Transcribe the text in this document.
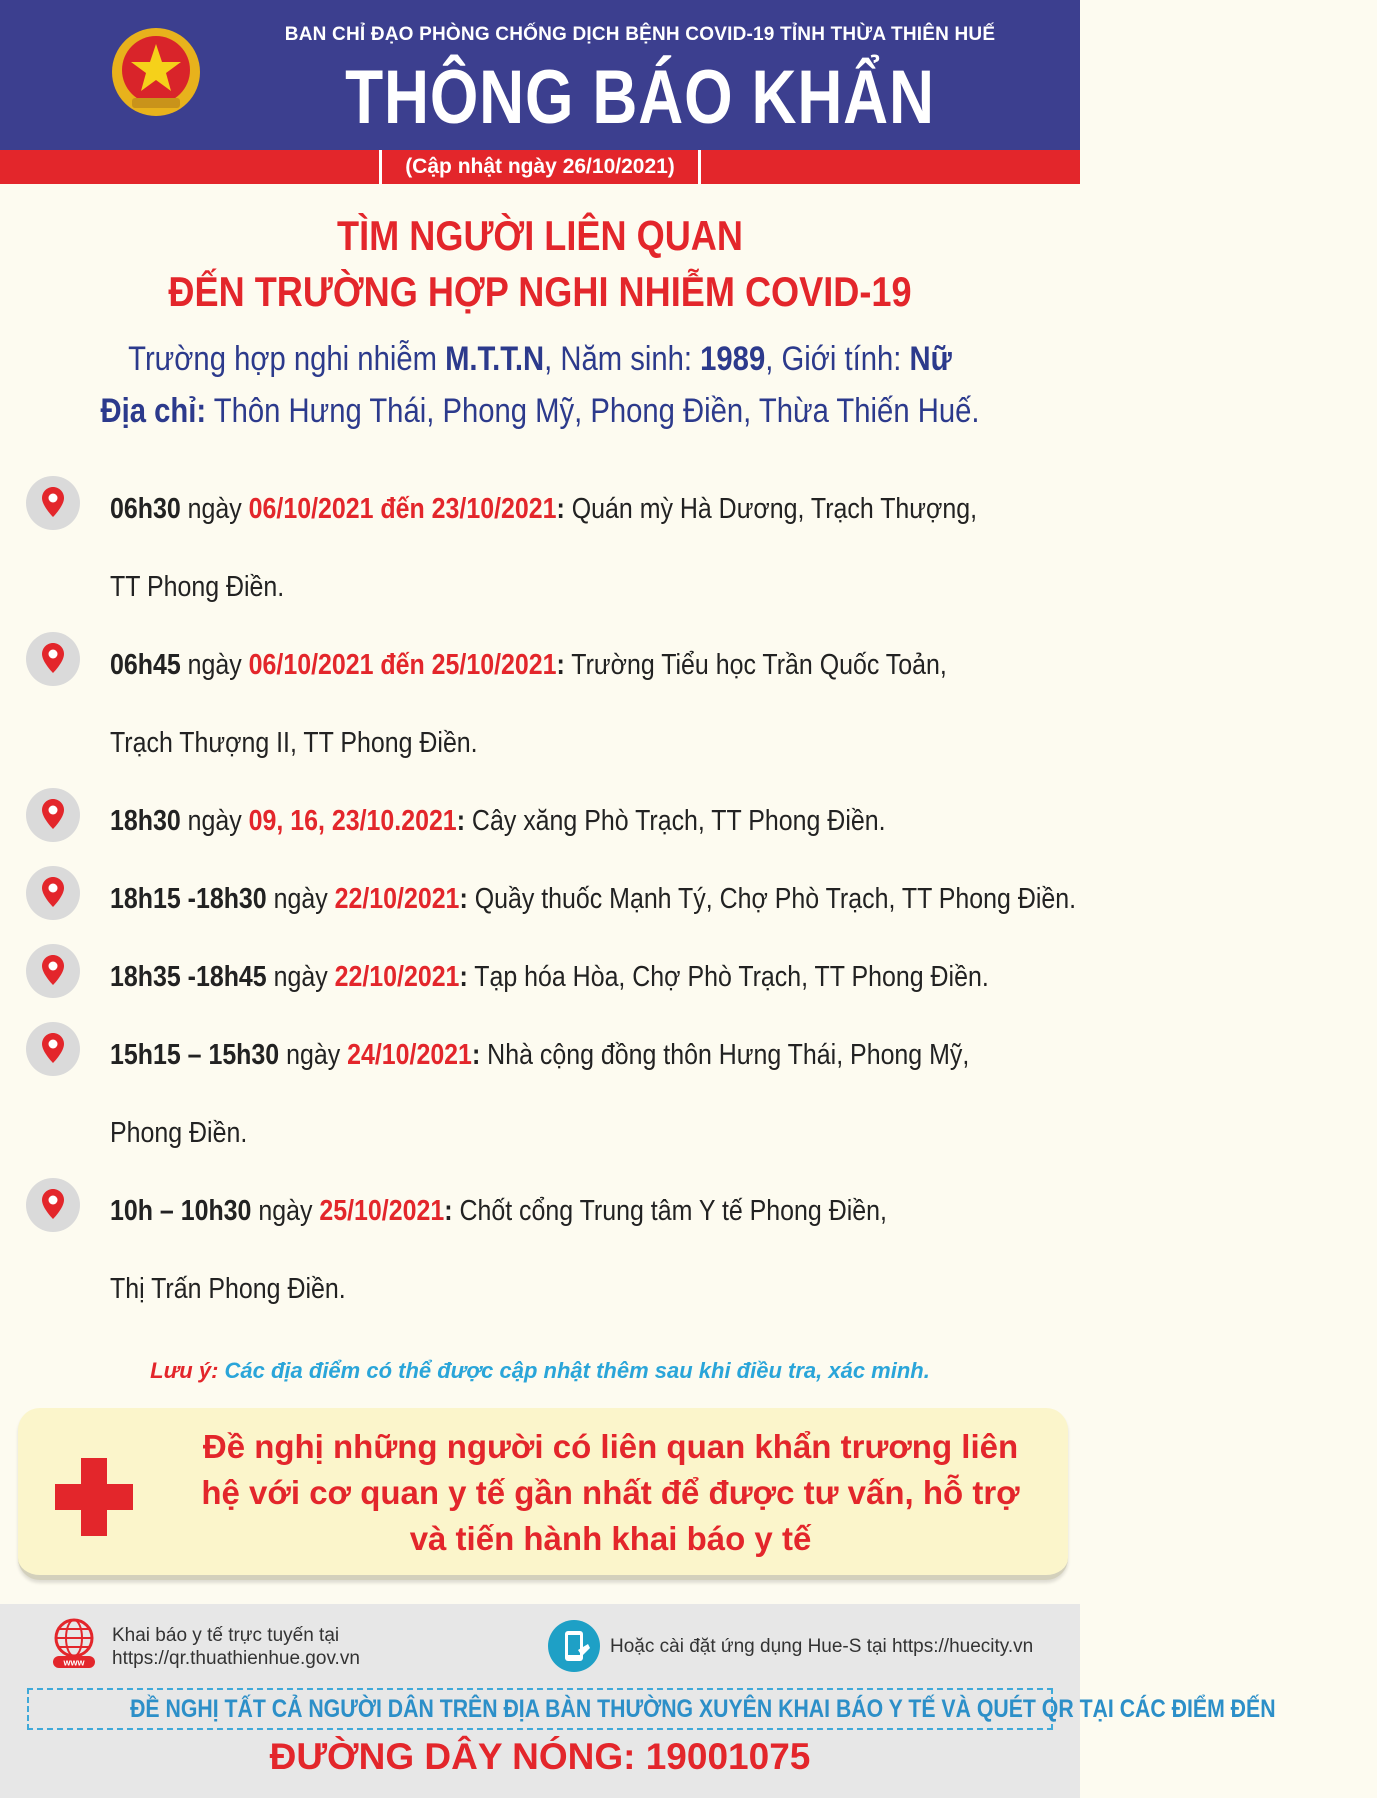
BAN CHỈ ĐẠO PHÒNG CHỐNG DỊCH BỆNH COVID-19 TỈNH THỪA THIÊN HUẾ
THÔNG BÁO KHẨN
(Cập nhật ngày 26/10/2021)
TÌM NGƯỜI LIÊN QUAN
ĐẾN TRƯỜNG HỢP NGHI NHIỄM COVID-19
Trường hợp nghi nhiễm M.T.T.N, Năm sinh: 1989, Giới tính: Nữ
Địa chỉ: Thôn Hưng Thái, Phong Mỹ, Phong Điền, Thừa Thiến Huế.
06h30 ngày 06/10/2021 đến 23/10/2021: Quán mỳ Hà Dương, Trạch Thượng,
TT Phong Điền.
06h45 ngày 06/10/2021 đến 25/10/2021: Trường Tiểu học Trần Quốc Toản,
Trạch Thượng II, TT Phong Điền.
18h30 ngày 09, 16, 23/10.2021: Cây xăng Phò Trạch, TT Phong Điền.
18h15 -18h30 ngày 22/10/2021: Quầy thuốc Mạnh Tý, Chợ Phò Trạch, TT Phong Điền.
18h35 -18h45 ngày 22/10/2021: Tạp hóa Hòa, Chợ Phò Trạch, TT Phong Điền.
15h15 – 15h30 ngày 24/10/2021: Nhà cộng đồng thôn Hưng Thái, Phong Mỹ,
Phong Điền.
10h – 10h30 ngày 25/10/2021: Chốt cổng Trung tâm Y tế Phong Điền,
Thị Trấn Phong Điền.
Lưu ý: Các địa điểm có thể được cập nhật thêm sau khi điều tra, xác minh.
Đề nghị những người có liên quan khẩn trương liên
hệ với cơ quan y tế gần nhất để được tư vấn, hỗ trợ
và tiến hành khai báo y tế
www
Khai báo y tế trực tuyến tại
https://qr.thuathienhue.gov.vn
Hoặc cài đặt ứng dụng Hue-S tại https://huecity.vn
ĐỀ NGHỊ TẤT CẢ NGƯỜI DÂN TRÊN ĐỊA BÀN THƯỜNG XUYÊN KHAI BÁO Y TẾ VÀ QUÉT QR TẠI CÁC ĐIỂM ĐẾN
ĐƯỜNG DÂY NÓNG: 19001075
